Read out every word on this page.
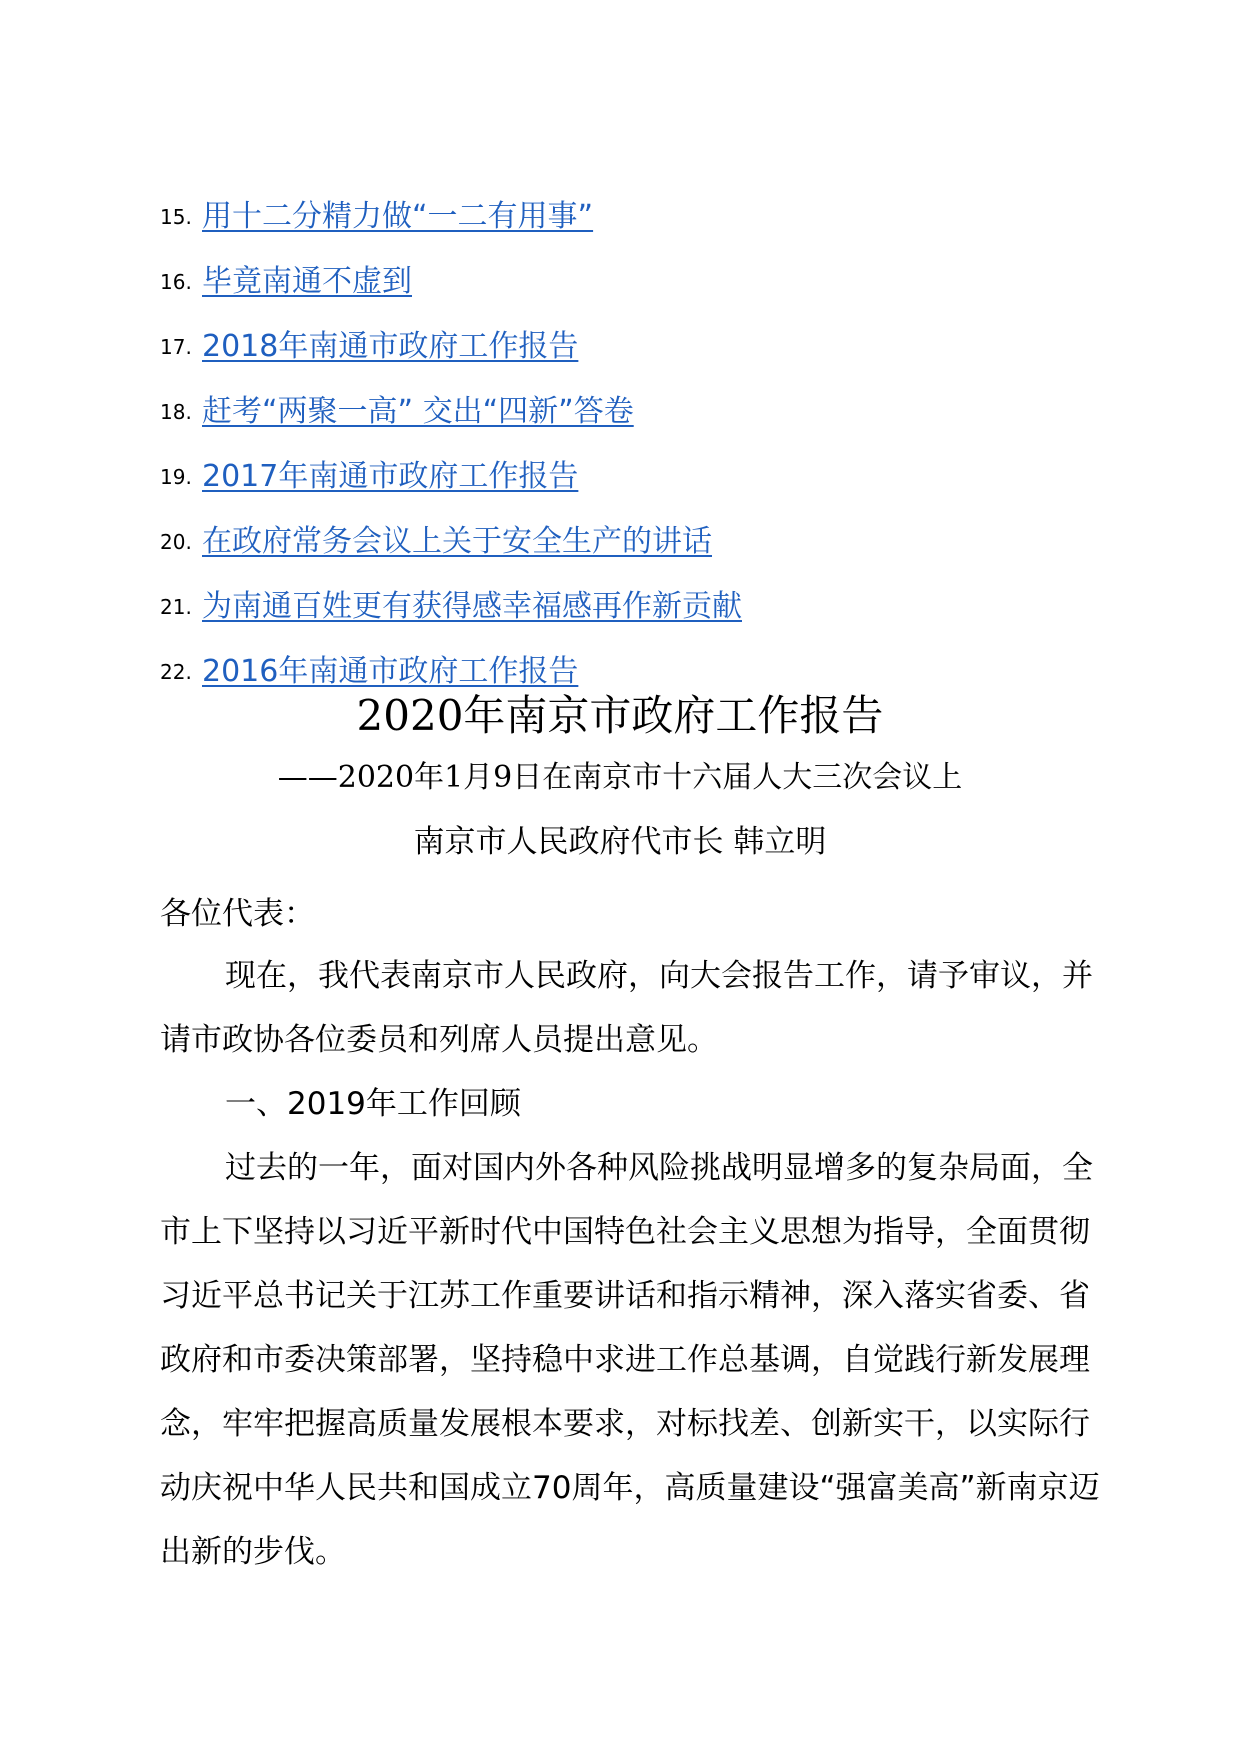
15. 用十二分精力做“一二有用事”
16. 毕竟南通不虚到
17. 2018年南通市政府工作报告
18. 赶考“两聚一高” 交出“四新”答卷
19. 2017年南通市政府工作报告
20. 在政府常务会议上关于安全生产的讲话
21. 为南通百姓更有获得感幸福感再作新贡献
22. 2016年南通市政府工作报告
2020年南京市政府工作报告

——2020年1月9日在南京市十六届人大三次会议上

南京市人民政府代市长 韩立明

各位代表：

现在，我代表南京市人民政府，向大会报告工作，请予审议，并请市政协各位委员和列席人员提出意见。

一、2019年工作回顾

过去的一年，面对国内外各种风险挑战明显增多的复杂局面，全市上下坚持以习近平新时代中国特色社会主义思想为指导，全面贯彻习近平总书记关于江苏工作重要讲话和指示精神，深入落实省委、省政府和市委决策部署，坚持稳中求进工作总基调，自觉践行新发展理念，牢牢把握高质量发展根本要求，对标找差、创新实干，以实际行动庆祝中华人民共和国成立70周年，高质量建设“强富美高”新南京迈出新的步伐。
